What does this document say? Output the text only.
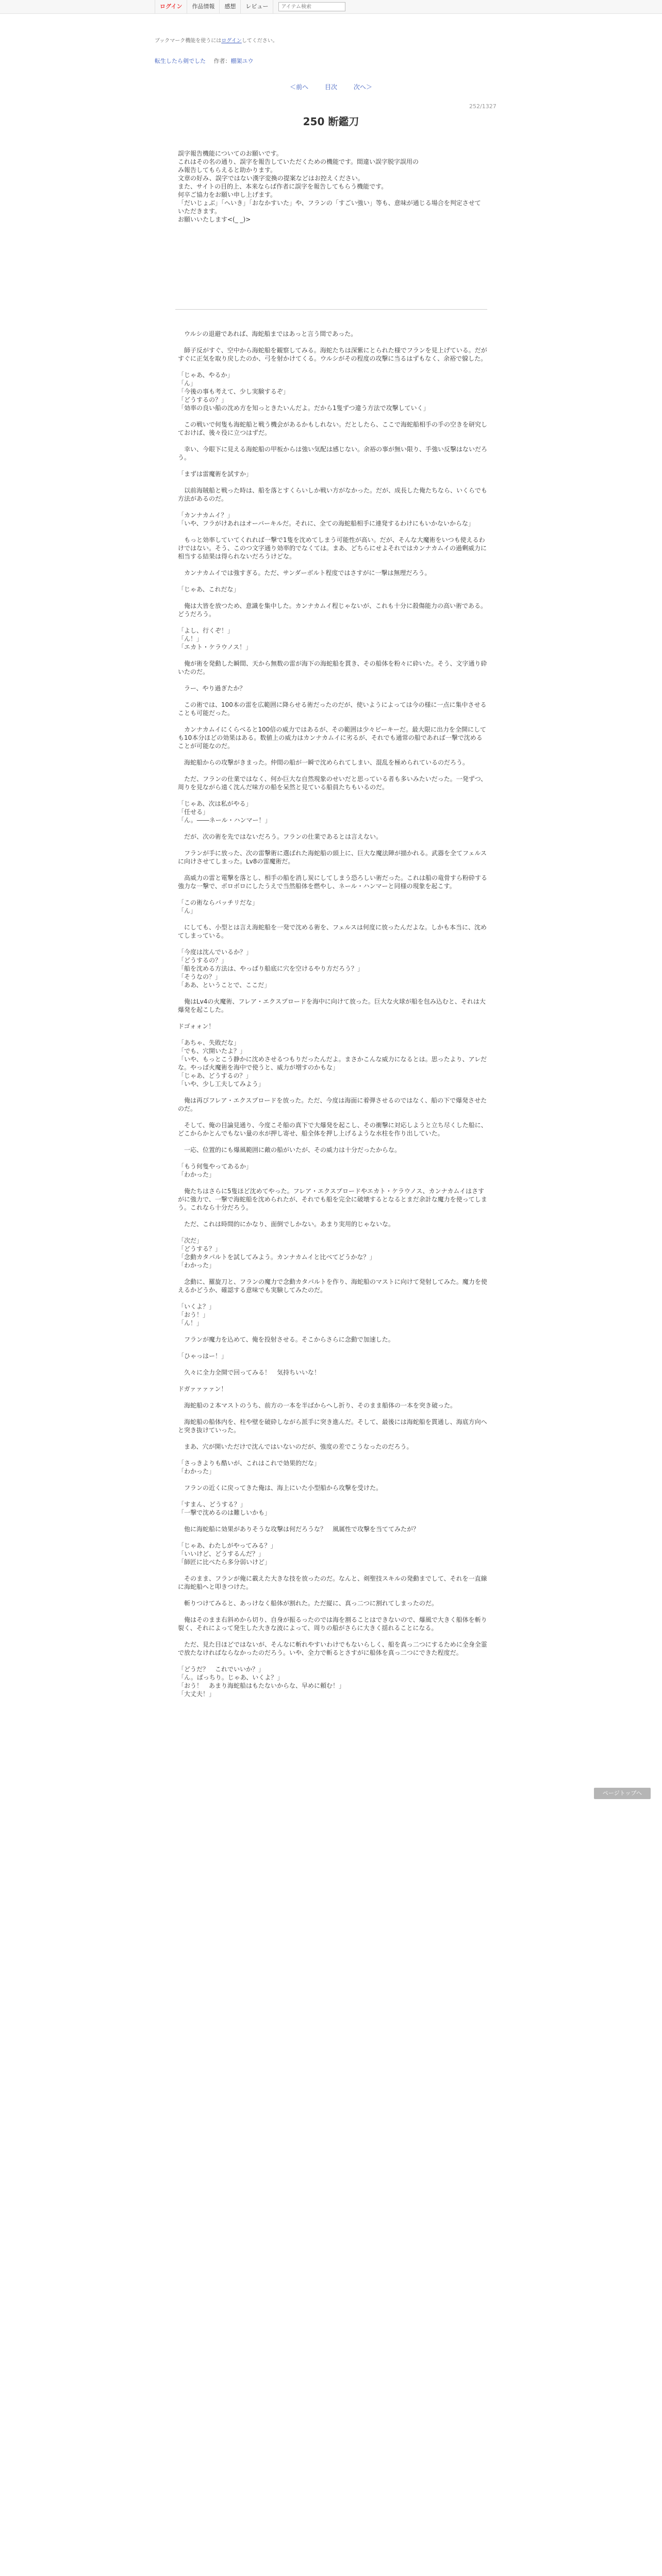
ログイン	作品情報	感想	レビュー
アイテム検索
ブックマーク機能を使うにはログインしてください。
転生したら剣でした 作者：棚架ユウ
＜前へ	目次	次へ＞
252/1327
250 断鑑刀

誤字報告機能についてのお願いです。

これはその名の通り、誤字を報告していただくための機能です。間違い誤字脱字誤用の

み報告してもらえると助かります。

文章の好み、誤字ではない漢字変換の提案などはお控えください。

また、サイトの目的上、本来ならば作者に誤字を報告してもらう機能です。

何卒ご協力をお願い申し上げます。

「だいじょぶ」「へいき」「おなかすいた」や、フランの「すごい強い」等も、意味が通じる場合を判定させて

いただきます。

お願いいたします<(_ _)>

　ウルシの退避であれば、海蛇船まではあっと言う間であった。

　師子反がすぐ、空中から海蛇船を観察してみる。海蛇たちは深紫にとられた様でフランを見上げている。だがすぐに正気を取り戻したのか、弓を射かけてくる。ウルシがその程度の攻撃に当るはずもなく、余裕で躱した。

「じゃあ、やるか」
「ん」
「今後の事も考えて、少し実験するぞ」
「どうするの？」
「効率の良い船の沈め方を知っときたいんだよ。だから1隻ずつ違う方法で攻撃していく」

　この戦いで何隻も海蛇船と戦う機会があるかもしれない。だとしたら、ここで海蛇船相手の手の空きを研究しておけば、後々役に立つはずだ。

　幸い、今眼下に見える海蛇船の甲板からは強い気配は感じない。余裕の事が無い限り、手強い反撃はないだろう。

「まずは雷魔術を試すか」

　以前海賊船と戦った時は、船を落とすくらいしか戦い方がなかった。だが、成長した俺たちなら、いくらでも方法があるのだ。

「カンナカムイ？」
「いや、フラがけあれはオーバーキルだ。それに、全ての海蛇船相手に連発するわけにもいかないからな」

　もっと効率していてくれれば一撃で1隻を沈めてしまう可能性が高い。だが、そんな大魔術をいつも使えるわけではない。そう、このつ文字通り効率的でなくては。まあ、どちらにせよそれではカンナカムイの過剰威力に相当する結果は得られないだろうけどな。

　カンナカムイでは強すぎる。ただ、サンダーボルト程度ではさすがに一撃は無理だろう。

「じゃあ、これだな」

　俺は大皆を放つため、意識を集中した。カンナカムイ程じゃないが、これも十分に殺傷能力の高い術である。どうだろう。

「よし、行くぞ！」
「ん！」
「エカト・ケラウノス！」

　俺が術を発動した瞬間、天から無数の雷が海下の海蛇船を貫き、その船体を粉々に砕いた。そう、文字通り砕いたのだ。

　ラー、やり過ぎたか？

　この術では、100本の雷を広範囲に降らせる術だったのだが、使いようによっては今の様に一点に集中させることも可能だった。

　カンナカムイにくらべると100倍の威力ではあるが、その範囲は少々ピーキーだ。最大限に出力を全開にしても10本分ほどの効果はある。数値上の威力はカンナカムイに劣るが、それでも通常の船であれば一撃で沈めることが可能なのだ。

　海蛇船からの攻撃がきまった。仲間の船が一瞬で沈められてしまい、混乱を極められているのだろう。

　ただ、フランの仕業ではなく、何か巨大な自然現象のせいだと思っている者も多いみたいだった。一発ずつ、周りを見ながら遠く沈んだ味方の船を呆然と見ている船員たちもいるのだ。

「じゃあ、次は私がやる」
「任せる」
「ん。――ネール・ハンマー！」

　だが、次の術を先ではないだろう。フランの仕業であるとは言えない。

　フランが手に放った、次の雷撃術に選ばれた海蛇船の頭上に、巨大な魔法陣が描かれる。武器を全てフェルスに向けさせてしまった。Lv8の雷魔術だ。

　高威力の雷と電撃を落とし、相手の船を消し炭にしてしまう恐ろしい術だった。これは船の竜骨すら粉砕する強力な一撃で、ボロボロにしたうえで当然船体を燃やし、ネール・ハンマーと同様の現象を起こす。

「この術ならバッチリだな」
「ん」

　にしても、小型とは言え海蛇船を一発で沈める術を、フェルスは何度に放ったんだよな。しかも本当に、沈めてしまっている。

「今度は沈んでいるか？」
「どうするの？」
「船を沈める方法は、やっぱり船底に穴を空けるやり方だろう？」
「そうなの？」
「ああ、ということで、ここだ」

　俺はLv4の火魔術、フレア・エクスプロードを海中に向けて放った。巨大な火球が船を包み込むと、それは大爆発を起こした。

ドゴォォン！

「あちゃ、失敗だな」
「でも、穴開いたよ？」
「いや、もっとこう静かに沈めさせるつもりだったんだよ。まさかこんな威力になるとは。思ったより、アレだな。やっぱ火魔術を海中で使うと、威力が増すのかもな」
「じゃあ、どうするの？」
「いや、少し工夫してみよう」

　俺は再びフレア・エクスプロードを放った。ただ、今度は海面に着弾させるのではなく、船の下で爆発させたのだ。

　そして、俺の目論見通り、今度こそ船の真下で大爆発を起こし、その衝撃に対応しようと立ち尽くした船に、どこからかとんでもない量の水が押し寄せ、船全体を押し上げるような水柱を作り出していた。

　一応、位置的にも爆風範囲に敵の船がいたが、その威力は十分だったからな。

「もう何隻やってあるか」
「わかった」

　俺たちはさらに5隻ほど沈めてやった。フレア・エクスプロードやエカト・ケラウノス、カンナカムイはさすがに強力で、一撃で海蛇船を沈められたが、それでも船を完全に破壊するとなるとまだ余計な魔力を使ってしまう。これなら十分だろう。

　ただ、これは時間的にかなり、面倒でしかない。あまり実用的じゃないな。

「次だ」
「どうする？」
「念動カタパルトを試してみよう。カンナカムイと比べてどうかな？」
「わかった」

　念動に、羅旋刀と、フランの魔力で念動カタパルトを作り、海蛇船のマストに向けて発射してみた。魔力を使えるかどうか、確認する意味でも実験してみたのだ。

「いくよ？」
「おう！」
「ん！」

　フランが魔力を込めて、俺を投射させる。そこからさらに念動で加速した。

「ひゃっはー！」

　久々に全力全開で回ってみる！　気持ちいいな！

ドガァァァァン！

　海蛇船の２本マストのうち、前方の一本を半ばからへし折り、そのまま船体の一本を突き破った。

　海蛇船の船体内を、柱や壁を破砕しながら派手に突き進んだ。そして、最後には海蛇船を貫通し、海底方向へと突き抜けていった。

　まあ、穴が開いただけで沈んではいないのだが、強度の差でこうなったのだろう。

「さっきよりも酷いが、これはこれで効果的だな」
「わかった」

　フランの近くに戻ってきた俺は、海上にいた小型船から攻撃を受けた。

「すまん、どうする？」
「一撃で沈めるのは難しいかも」

　他に海蛇船に効果がありそうな攻撃は何だろうな？　風属性で攻撃を当ててみたが？

「じゃあ、わたしがやってみる？」
「いいけど、どうするんだ？」
「師匠に比べたら多分弱いけど」

　そのまま、フランが俺に載えた大きな技を放ったのだ。なんと、剣聖技スキルの発動までして、それを一直線に海蛇船へと叩きつけた。

　斬りつけてみると、あっけなく船体が割れた。ただ縦に、真っ二つに割れてしまったのだ。

　俺はそのまま右斜めから切り、自身が振るったのでは海を割ることはできないので、爆風で大きく船体を斬り裂く、それによって発生した大きな波によって、周りの船がさらに大きく揺れることになる。

　ただ、見た目ほどではないが、そんなに斬れやすいわけでもないらしく、船を真っ二つにするために全身全霊で放たなければならなかったのだろう。いや、全力で斬るとさすがに船体を真っ二つにできた程度だ。

「どうだ？　これでいいか？」
「ん。ばっちり。じゃあ、いくよ？」
「おう！　あまり海蛇船はもたないからな、早めに頼む！」
「大丈夫！」

ページトップへ
